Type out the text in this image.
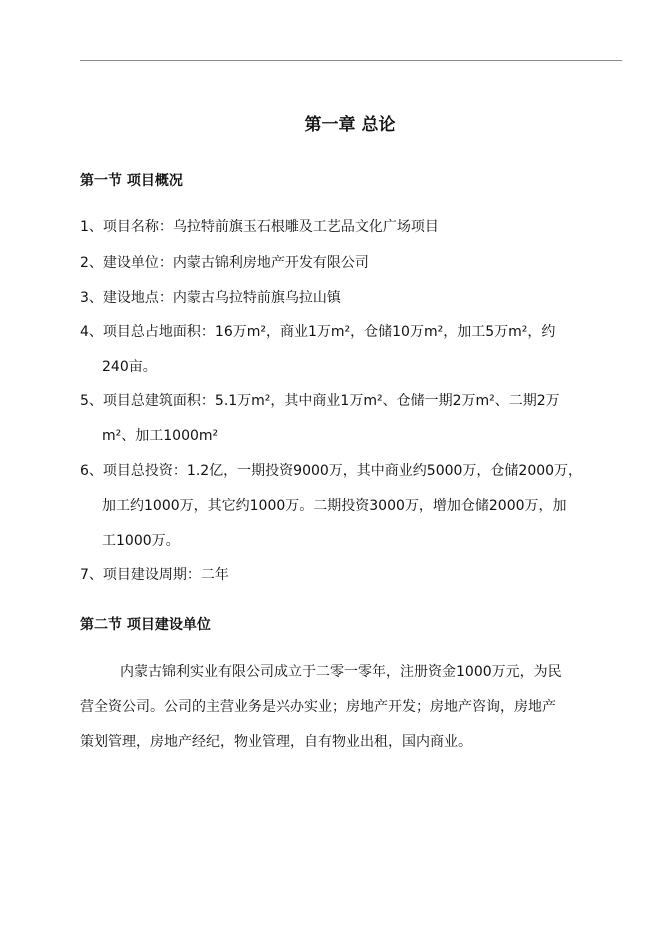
第一章 总论
第一节 项目概况
1、项目名称：乌拉特前旗玉石根雕及工艺品文化广场项目
2、建设单位：内蒙古锦利房地产开发有限公司
3、建设地点：内蒙古乌拉特前旗乌拉山镇
4、项目总占地面积：16万m²，商业1万m²，仓储10万m²，加工5万m²，约
240亩。
5、项目总建筑面积：5.1万m²，其中商业1万m²、仓储一期2万m²、二期2万
m²、加工1000m²
6、项目总投资：1.2亿，一期投资9000万，其中商业约5000万，仓储2000万，
加工约1000万，其它约1000万。二期投资3000万，增加仓储2000万，加
工1000万。
7、项目建设周期：二年
第二节 项目建设单位
内蒙古锦利实业有限公司成立于二零一零年，注册资金1000万元，为民
营全资公司。公司的主营业务是兴办实业；房地产开发；房地产咨询，房地产
策划管理，房地产经纪，物业管理，自有物业出租，国内商业。
